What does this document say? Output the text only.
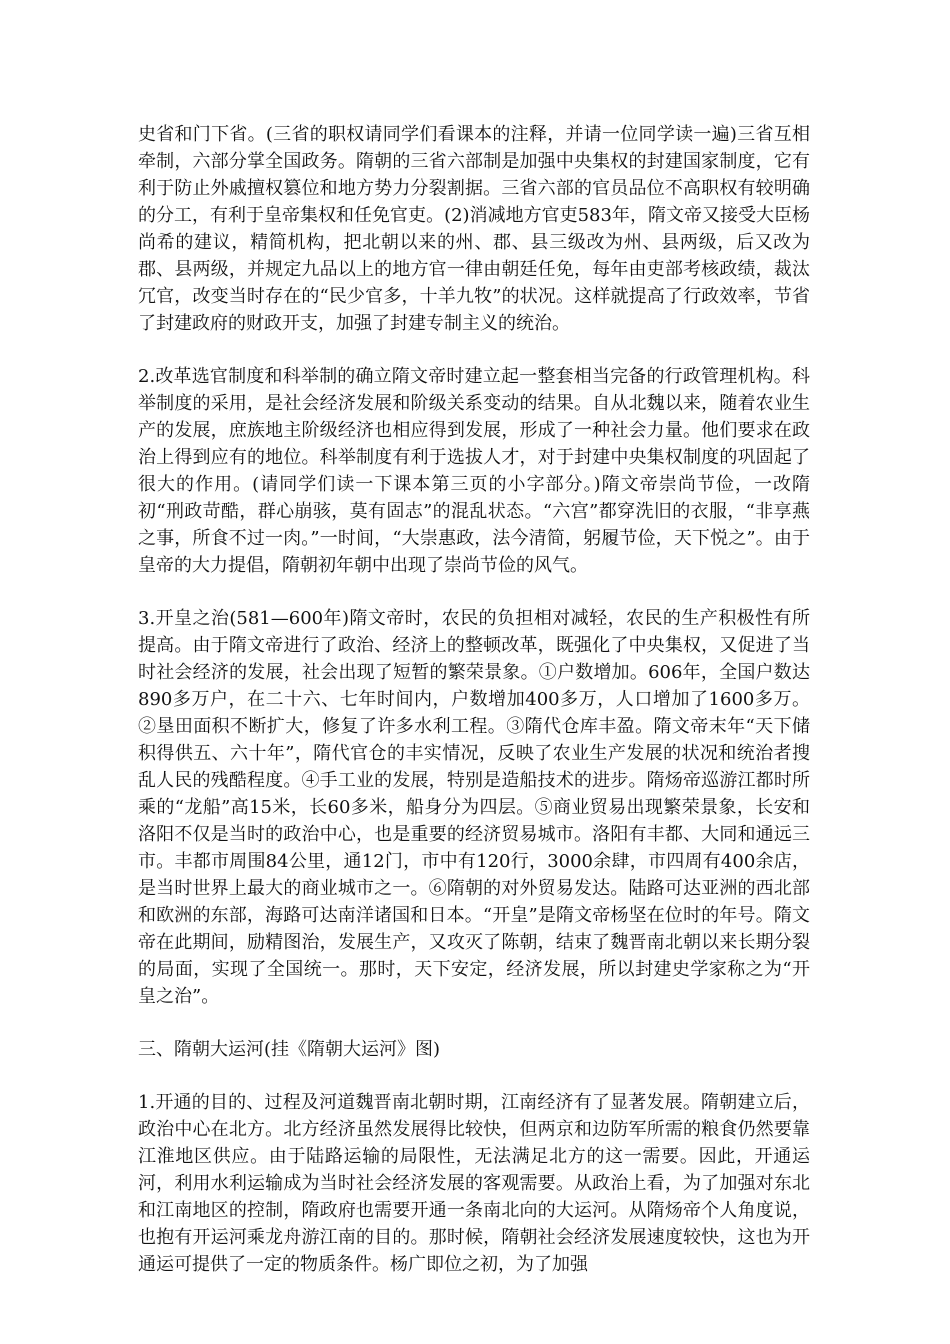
史省和门下省。(三省的职权请同学们看课本的注释，并请一位同学读一遍)三省互相牵制，六部分掌全国政务。隋朝的三省六部制是加强中央集权的封建国家制度，它有利于防止外戚擅权篡位和地方势力分裂割据。三省六部的官员品位不高职权有较明确的分工，有利于皇帝集权和任免官吏。(2)消减地方官吏583年，隋文帝又接受大臣杨尚希的建议，精简机构，把北朝以来的州、郡、县三级改为州、县两级，后又改为郡、县两级，并规定九品以上的地方官一律由朝廷任免，每年由吏部考核政绩，裁汰冗官，改变当时存在的“民少官多，十羊九牧”的状况。这样就提高了行政效率，节省了封建政府的财政开支，加强了封建专制主义的统治。

2.改革选官制度和科举制的确立隋文帝时建立起一整套相当完备的行政管理机构。科举制度的采用，是社会经济发展和阶级关系变动的结果。自从北魏以来，随着农业生产的发展，庶族地主阶级经济也相应得到发展，形成了一种社会力量。他们要求在政治上得到应有的地位。科举制度有利于选拔人才，对于封建中央集权制度的巩固起了很大的作用。(请同学们读一下课本第三页的小字部分。)隋文帝崇尚节俭，一改隋初“刑政苛酷，群心崩骇，莫有固志”的混乱状态。“六宫”都穿洗旧的衣服，“非享燕之事，所食不过一肉。”一时间，“大崇惠政，法今清简，躬履节俭，天下悦之”。由于皇帝的大力提倡，隋朝初年朝中出现了崇尚节俭的风气。

3.开皇之治(581—600年)隋文帝时，农民的负担相对减轻，农民的生产积极性有所提高。由于隋文帝进行了政治、经济上的整顿改革，既强化了中央集权，又促进了当时社会经济的发展，社会出现了短暂的繁荣景象。①户数增加。606年，全国户数达890多万户，在二十六、七年时间内，户数增加400多万，人口增加了1600多万。②垦田面积不断扩大，修复了许多水利工程。③隋代仓库丰盈。隋文帝末年“天下储积得供五、六十年”，隋代官仓的丰实情况，反映了农业生产发展的状况和统治者搜乱人民的残酷程度。④手工业的发展，特别是造船技术的进步。隋炀帝巡游江都时所乘的“龙船”高15米，长60多米，船身分为四层。⑤商业贸易出现繁荣景象，长安和洛阳不仅是当时的政治中心，也是重要的经济贸易城市。洛阳有丰都、大同和通远三市。丰都市周围84公里，通12门，市中有120行，3000余肆，市四周有400余店，是当时世界上最大的商业城市之一。⑥隋朝的对外贸易发达。陆路可达亚洲的西北部和欧洲的东部，海路可达南洋诸国和日本。“开皇”是隋文帝杨坚在位时的年号。隋文帝在此期间，励精图治，发展生产，又攻灭了陈朝，结束了魏晋南北朝以来长期分裂的局面，实现了全国统一。那时，天下安定，经济发展，所以封建史学家称之为“开皇之治”。

三、隋朝大运河(挂《隋朝大运河》图)

1.开通的目的、过程及河道魏晋南北朝时期，江南经济有了显著发展。隋朝建立后，政治中心在北方。北方经济虽然发展得比较快，但两京和边防军所需的粮食仍然要靠江淮地区供应。由于陆路运输的局限性，无法满足北方的这一需要。因此，开通运河，利用水利运输成为当时社会经济发展的客观需要。从政治上看，为了加强对东北和江南地区的控制，隋政府也需要开通一条南北向的大运河。从隋炀帝个人角度说，也抱有开运河乘龙舟游江南的目的。那时候，隋朝社会经济发展速度较快，这也为开通运可提供了一定的物质条件。杨广即位之初，为了加强
